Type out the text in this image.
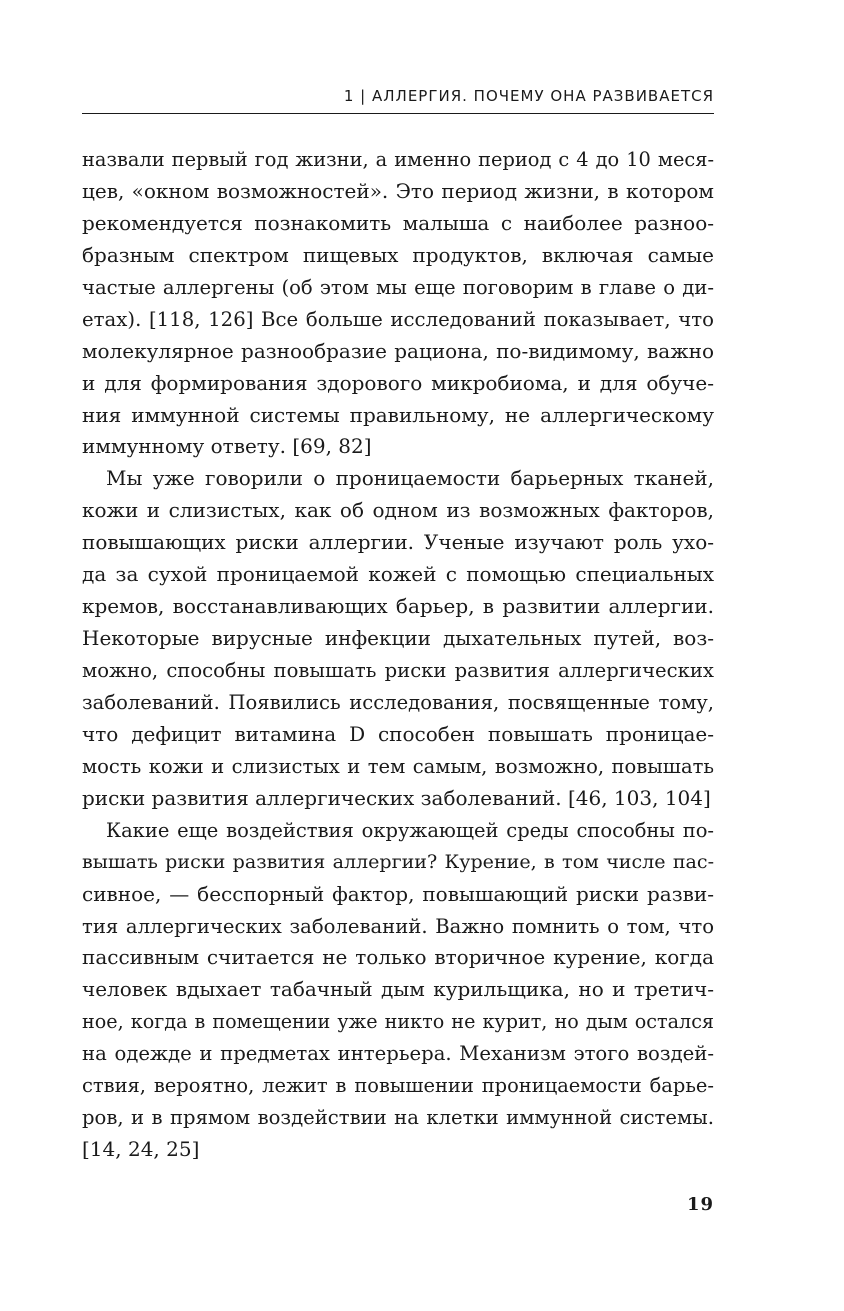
1 | АЛЛЕРГИЯ. ПОЧЕМУ ОНА РАЗВИВАЕТСЯ
назвали первый год жизни, а именно период с 4 до 10 меся-
цев, «окном возможностей». Это период жизни, в котором
рекомендуется познакомить малыша с наиболее разноо-
бразным спектром пищевых продуктов, включая самые
частые аллергены (об этом мы еще поговорим в главе о ди-
етах). [118, 126] Все больше исследований показывает, что
молекулярное разнообразие рациона, по-видимому, важно
и для формирования здорового микробиома, и для обуче-
ния иммунной системы правильному, не аллергическому
иммунному ответу. [69, 82]
Мы уже говорили о проницаемости барьерных тканей,
кожи и слизистых, как об одном из возможных факторов,
повышающих риски аллергии. Ученые изучают роль ухо-
да за сухой проницаемой кожей с помощью специальных
кремов, восстанавливающих барьер, в развитии аллергии.
Некоторые вирусные инфекции дыхательных путей, воз-
можно, способны повышать риски развития аллергических
заболеваний. Появились исследования, посвященные тому,
что дефицит витамина D способен повышать проницае-
мость кожи и слизистых и тем самым, возможно, повышать
риски развития аллергических заболеваний. [46, 103, 104]
Какие еще воздействия окружающей среды способны по-
вышать риски развития аллергии? Курение, в том числе пас-
сивное, — бесспорный фактор, повышающий риски разви-
тия аллергических заболеваний. Важно помнить о том, что
пассивным считается не только вторичное курение, когда
человек вдыхает табачный дым курильщика, но и третич-
ное, когда в помещении уже никто не курит, но дым остался
на одежде и предметах интерьера. Механизм этого воздей-
ствия, вероятно, лежит в повышении проницаемости барье-
ров, и в прямом воздействии на клетки иммунной системы.
[14, 24, 25]
19
